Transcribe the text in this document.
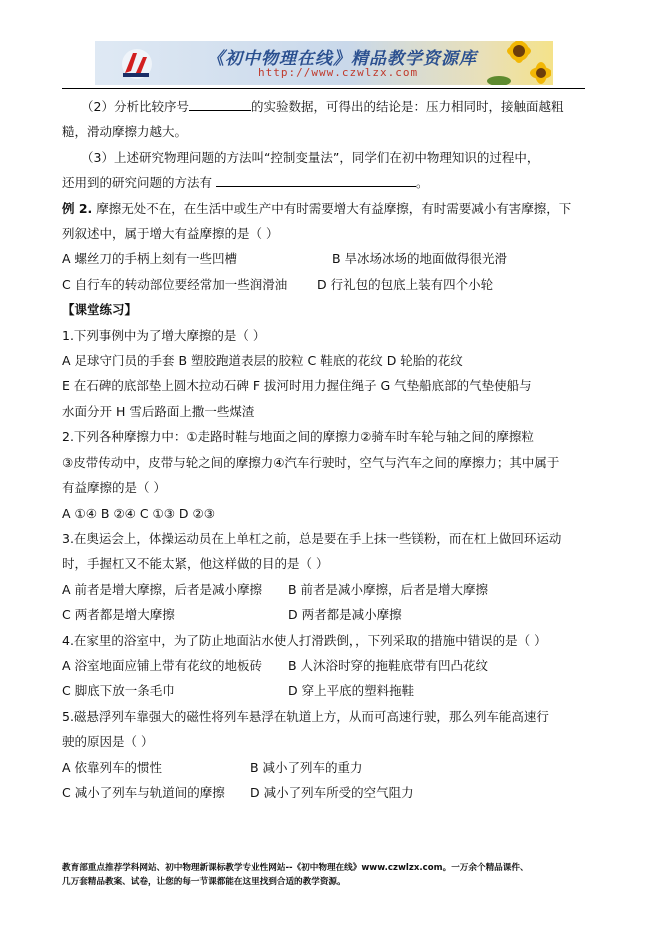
《初中物理在线》精品教学资源库
http://www.czwlzx.com
（2）分析比较序号	的实验数据，可得出的结论是：压力相同时，接触面越粗
糙，滑动摩擦力越大。
（3）上述研究物理问题的方法叫“控制变量法”，同学们在初中物理知识的过程中，
还用到的研究问题的方法有	。
例 2. 摩擦无处不在，在生活中或生产中有时需要增大有益摩擦，有时需要减小有害摩擦，下
列叙述中，属于增大有益摩擦的是（ ）
A 螺丝刀的手柄上刻有一些凹槽	B 旱冰场冰场的地面做得很光滑
C 自行车的转动部位要经常加一些润滑油 D 行礼包的包底上装有四个小轮
【课堂练习】
1.下列事例中为了增大摩擦的是（ ）
A 足球守门员的手套 B 塑胶跑道表层的胶粒 C 鞋底的花纹 D 轮胎的花纹
E 在石碑的底部垫上圆木拉动石碑 F 拔河时用力握住绳子 G 气垫船底部的气垫使船与
水面分开 H 雪后路面上撒一些煤渣
2.下列各种摩擦力中：①走路时鞋与地面之间的摩擦力②骑车时车轮与轴之间的摩擦粒
③皮带传动中，皮带与轮之间的摩擦力④汽车行驶时，空气与汽车之间的摩擦力；其中属于
有益摩擦的是（ ）
A ①④ B ②④ C ①③ D ②③
3.在奥运会上，体操运动员在上单杠之前，总是要在手上抹一些镁粉，而在杠上做回环运动
时，手握杠又不能太紧，他这样做的目的是（ ）
A 前者是增大摩擦，后者是减小摩擦 B 前者是减小摩擦，后者是增大摩擦
C 两者都是增大摩擦	D 两者都是减小摩擦
4.在家里的浴室中，为了防止地面沾水使人打滑跌倒，，下列采取的措施中错误的是（ ）
A 浴室地面应铺上带有花纹的地板砖 B 人沐浴时穿的拖鞋底带有凹凸花纹
C 脚底下放一条毛巾	D 穿上平底的塑料拖鞋
5.磁悬浮列车靠强大的磁性将列车悬浮在轨道上方，从而可高速行驶，那么列车能高速行
驶的原因是（ ）
A 依靠列车的惯性	B 减小了列车的重力
C 减小了列车与轨道间的摩擦 D 减小了列车所受的空气阻力
教育部重点推荐学科网站、初中物理新课标教学专业性网站--《初中物理在线》www.czwlzx.com。一万余个精品课件、
几万套精品教案、试卷，让您的每一节课都能在这里找到合适的教学资源。
